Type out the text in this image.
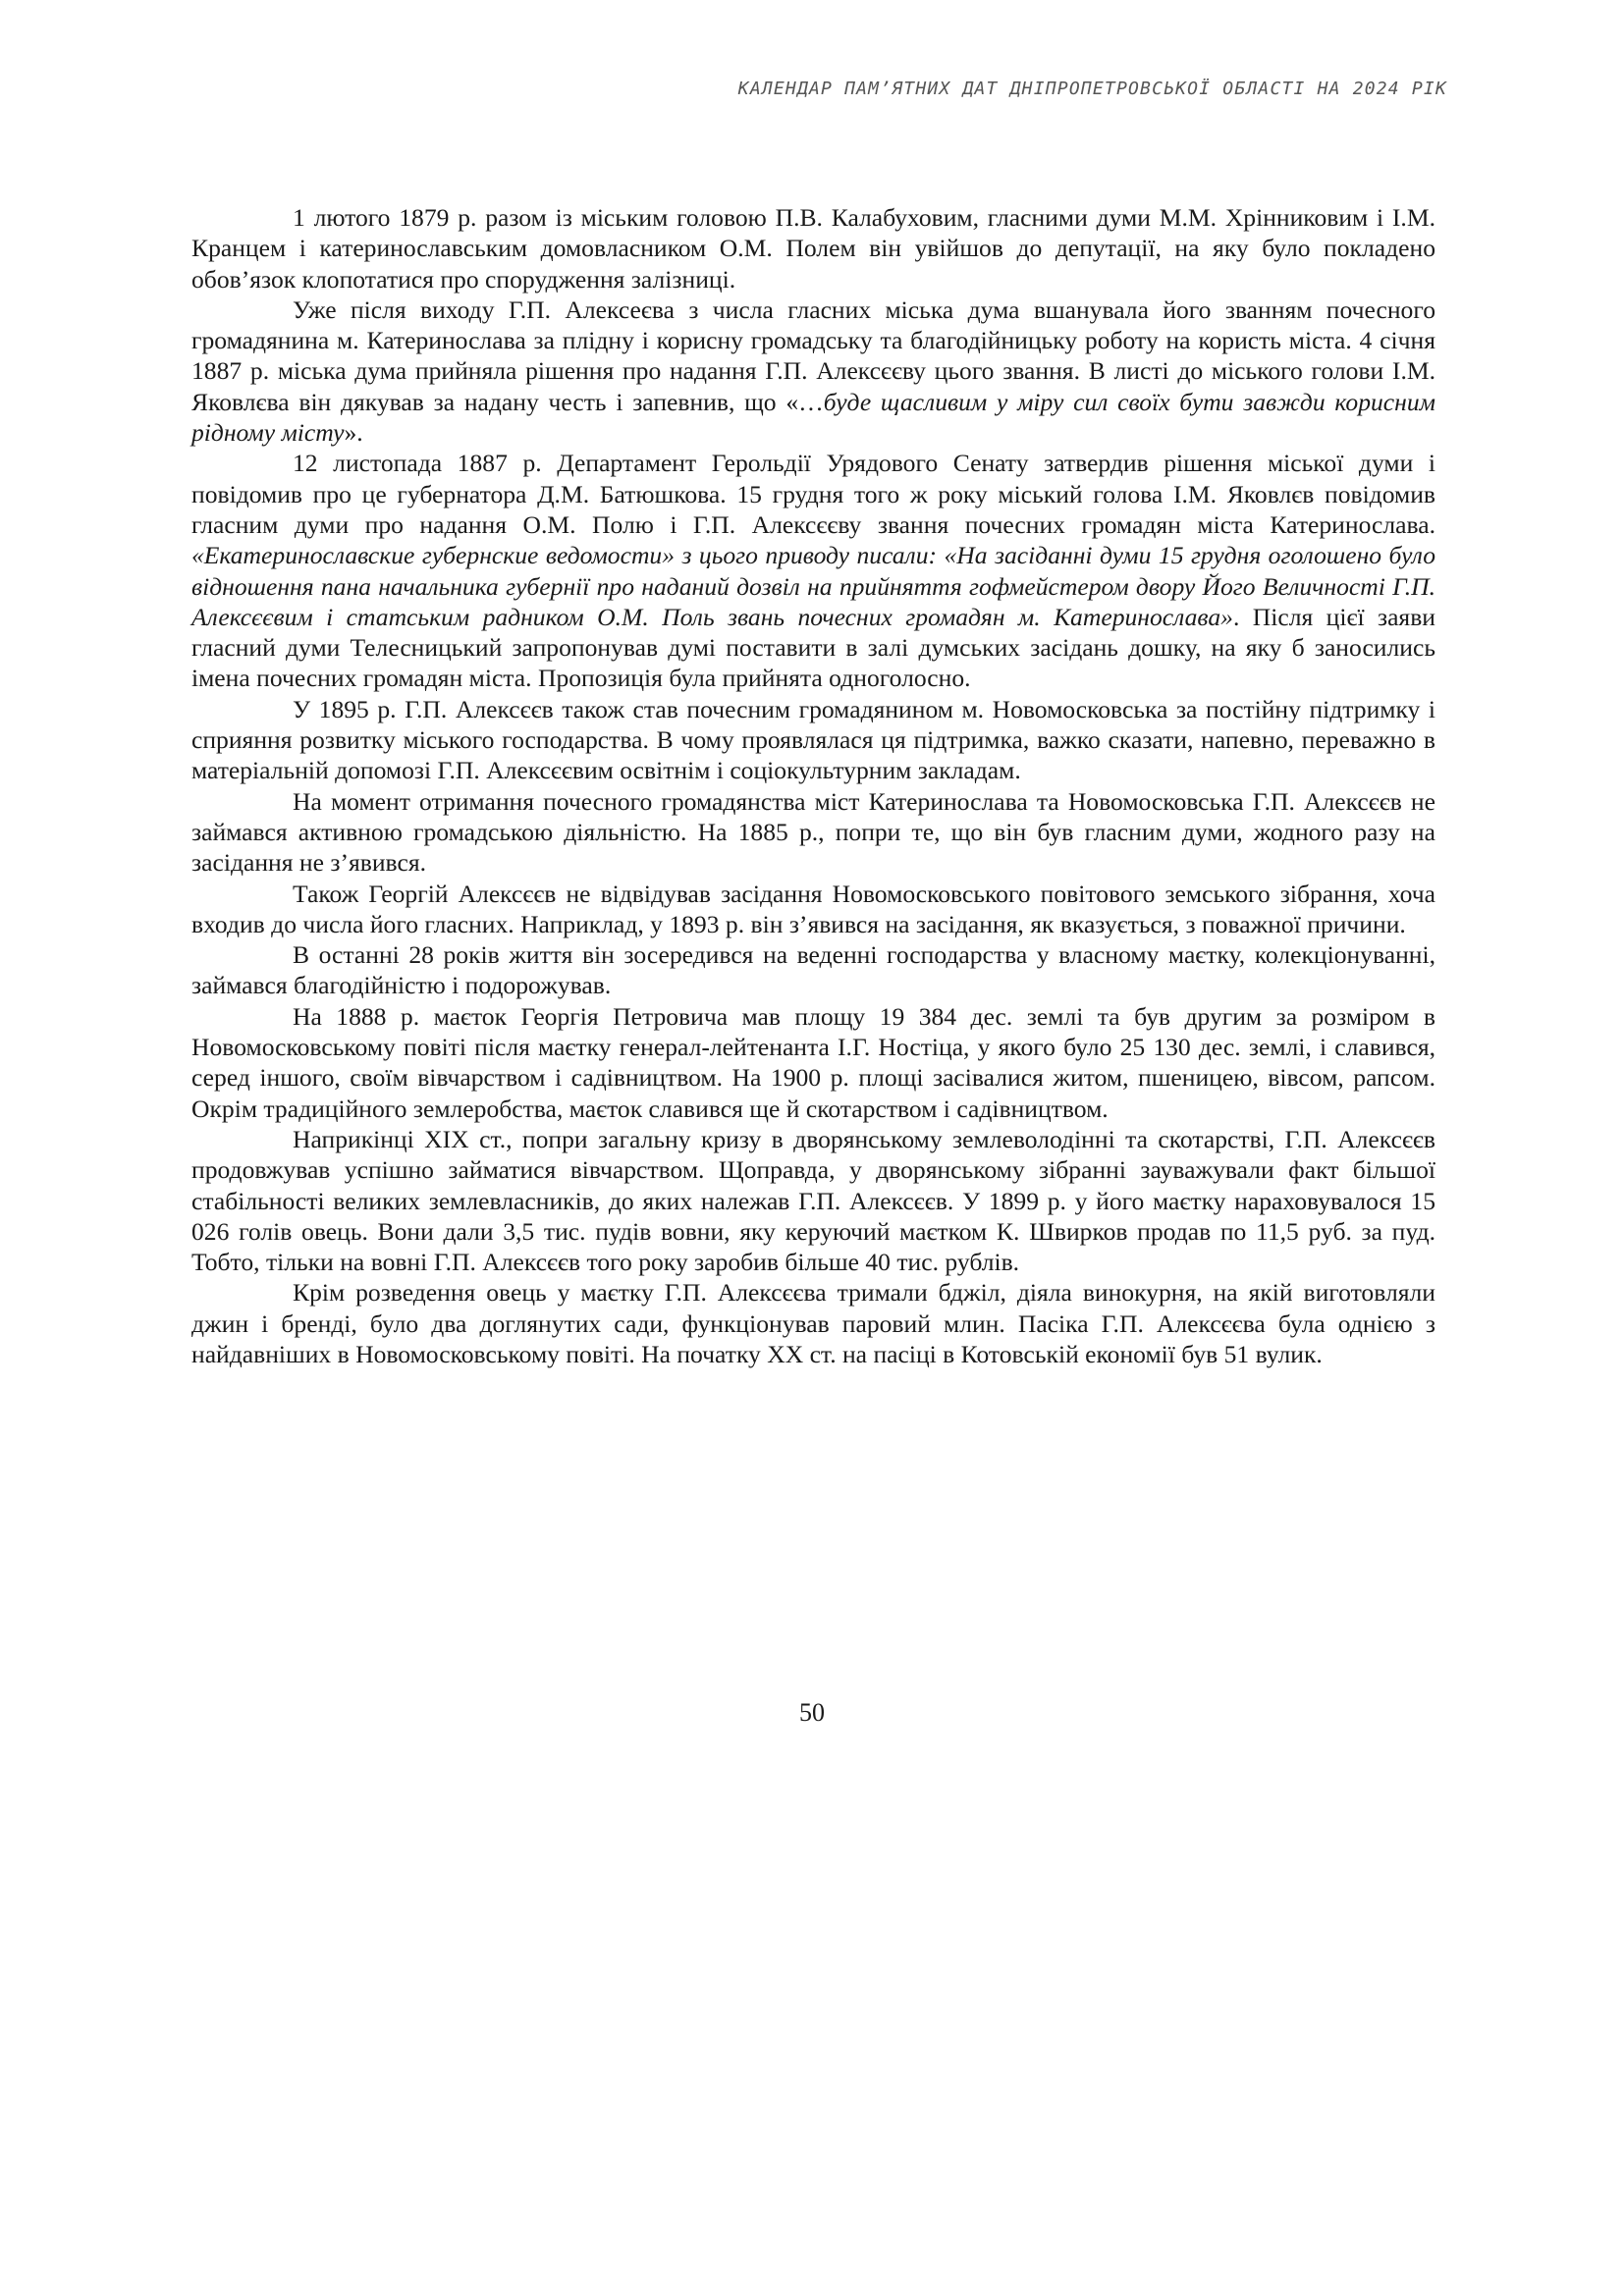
КАЛЕНДАР ПАМ’ЯТНИХ ДАТ ДНІПРОПЕТРОВСЬКОЇ ОБЛАСТІ НА 2024 РІК

1 лютого 1879 р. разом із міським головою П.В. Калабуховим, гласними думи М.М. Хрінниковим і І.М. Кранцем і катеринославським домовласником О.М. Полем він увійшов до депутації, на яку було покладено обов’язок клопотатися про спорудження залізниці.

Уже після виходу Г.П. Алексеєва з числа гласних міська дума вшанувала його званням почесного громадянина м. Катеринослава за плідну і корисну громадську та благодійницьку роботу на користь міста. 4 січня 1887 р. міська дума прийняла рішення про надання Г.П. Алексєєву цього звання. В листі до міського голови І.М. Яковлєва він дякував за надану честь і запевнив, що «…буде щасливим у міру сил своїх бути завжди корисним рідному місту».

12 листопада 1887 р. Департамент Герольдії Урядового Сенату затвердив рішення міської думи і повідомив про це губернатора Д.М. Батюшкова. 15 грудня того ж року міський голова І.М. Яковлєв повідомив гласним думи про надання О.М. Полю і Г.П. Алексєєву звання почесних громадян міста Катеринослава. «Екатеринославские губернские ведомости» з цього приводу писали: «На засіданні думи 15 грудня оголошено було відношення пана начальника губернії про наданий дозвіл на прийняття гофмейстером двору Його Величності Г.П. Алексєєвим і статським радником О.М. Поль звань почесних громадян м. Катеринослава». Після цієї заяви гласний думи Телесницький запропонував думі поставити в залі думських засідань дошку, на яку б заносились імена почесних громадян міста. Пропозиція була прийнята одноголосно.

У 1895 р. Г.П. Алексєєв також став почесним громадянином м. Новомосковська за постійну підтримку і сприяння розвитку міського господарства. В чому проявлялася ця підтримка, важко сказати, напевно, переважно в матеріальній допомозі Г.П. Алексєєвим освітнім і соціокультурним закладам.

На момент отримання почесного громадянства міст Катеринослава та Новомосковська Г.П. Алексєєв не займався активною громадською діяльністю. На 1885 р., попри те, що він був гласним думи, жодного разу на засідання не з’явився.

Також Георгій Алексєєв не відвідував засідання Новомосковського повітового земського зібрання, хоча входив до числа його гласних. Наприклад, у 1893 р. він з’явився на засідання, як вказується, з поважної причини.

В останні 28 років життя він зосередився на веденні господарства у власному маєтку, колекціонуванні, займався благодійністю і подорожував.

На 1888 р. маєток Георгія Петровича мав площу 19 384 дес. землі та був другим за розміром в Новомосковському повіті після маєтку генерал-лейтенанта І.Г. Ностіца, у якого було 25 130 дес. землі, і славився, серед іншого, своїм вівчарством і садівництвом. На 1900 р. площі засівалися житом, пшеницею, вівсом, рапсом. Окрім традиційного землеробства, маєток славився ще й скотарством і садівництвом.

Наприкінці XIX ст., попри загальну кризу в дворянському землеволодінні та скотарстві, Г.П. Алексєєв продовжував успішно займатися вівчарством. Щоправда, у дворянському зібранні зауважували факт більшої стабільності великих землевласників, до яких належав Г.П. Алексєєв. У 1899 р. у його маєтку нараховувалося 15 026 голів овець. Вони дали 3,5 тис. пудів вовни, яку керуючий маєтком К. Швирков продав по 11,5 руб. за пуд. Тобто, тільки на вовні Г.П. Алексєєв того року заробив більше 40 тис. рублів.

Крім розведення овець у маєтку Г.П. Алексєєва тримали бджіл, діяла винокурня, на якій виготовляли джин і бренді, було два доглянутих сади, функціонував паровий млин. Пасіка Г.П. Алексєєва була однією з найдавніших в Новомосковському повіті. На початку XX ст. на пасіці в Котовській економії був 51 вулик.

50
